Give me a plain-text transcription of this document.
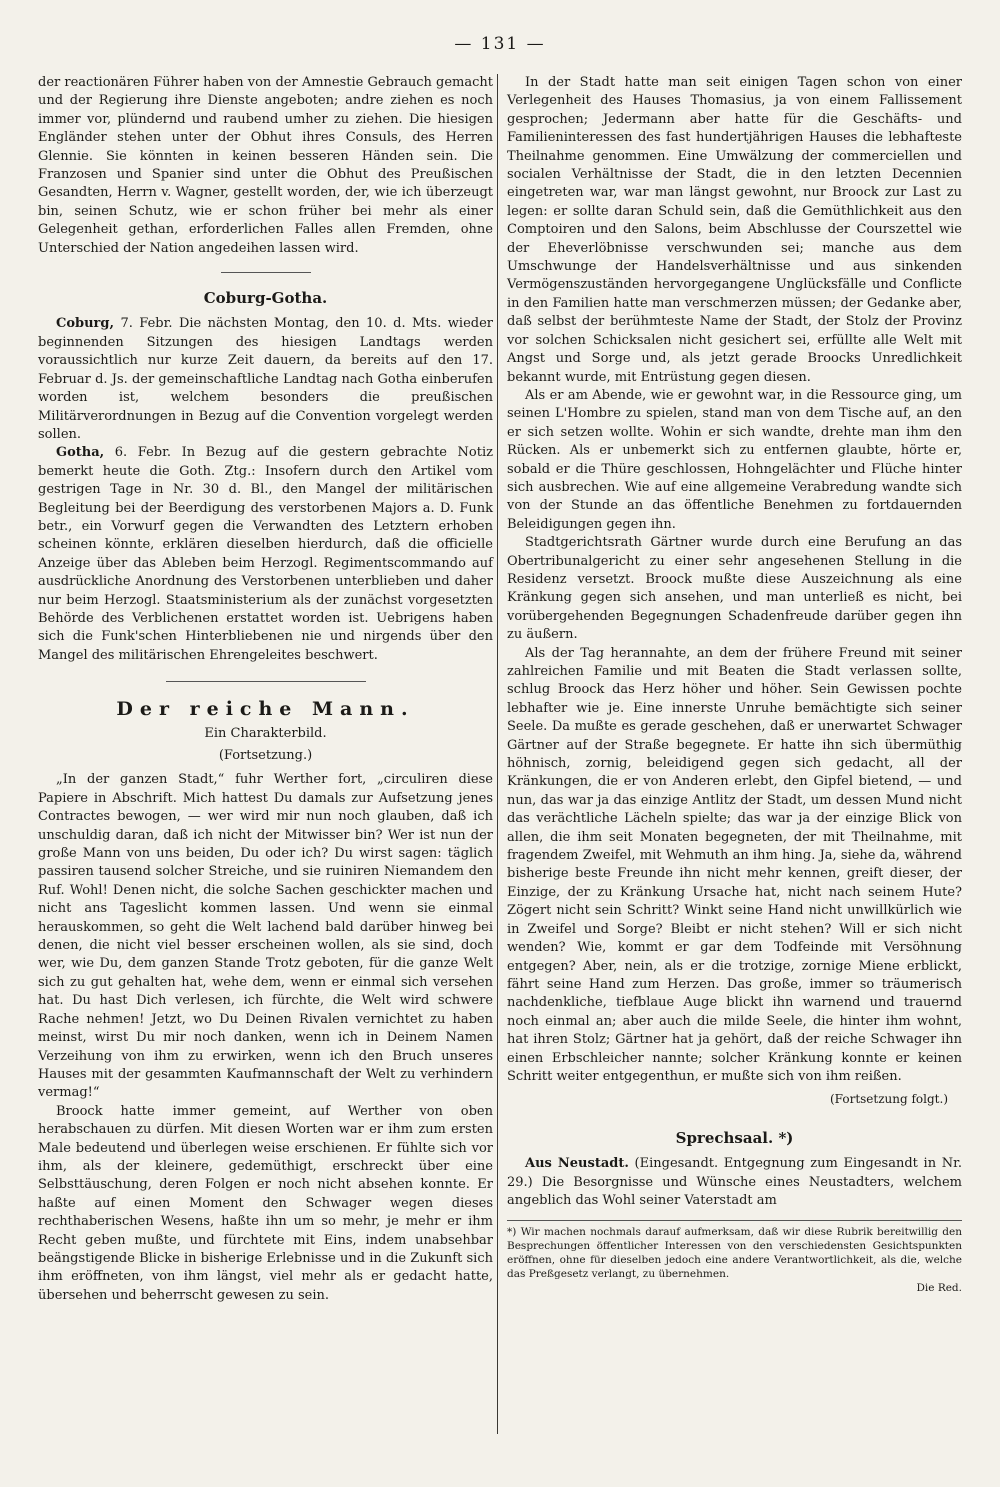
— 131 —

der reactionären Führer haben von der Amnestie Gebrauch gemacht und der Regierung ihre Dienste angeboten; andre ziehen es noch immer vor, plündernd und raubend umher zu ziehen. Die hiesigen Engländer stehen unter der Obhut ihres Consuls, des Herren Glennie. Sie könnten in keinen besseren Händen sein. Die Franzosen und Spanier sind unter die Obhut des Preußischen Gesandten, Herrn v. Wagner, gestellt worden, der, wie ich überzeugt bin, seinen Schutz, wie er schon früher bei mehr als einer Gelegenheit gethan, erforderlichen Falles allen Fremden, ohne Unterschied der Nation angedeihen lassen wird.

Coburg-Gotha.

Coburg, 7. Febr. Die nächsten Montag, den 10. d. Mts. wieder beginnenden Sitzungen des hiesigen Landtags werden voraussichtlich nur kurze Zeit dauern, da bereits auf den 17. Februar d. Js. der gemeinschaftliche Landtag nach Gotha einberufen worden ist, welchem besonders die preußischen Militärverordnungen in Bezug auf die Convention vorgelegt werden sollen.

Gotha, 6. Febr. In Bezug auf die gestern gebrachte Notiz bemerkt heute die Goth. Ztg.: Insofern durch den Artikel vom gestrigen Tage in Nr. 30 d. Bl., den Mangel der militärischen Begleitung bei der Beerdigung des verstorbenen Majors a. D. Funk betr., ein Vorwurf gegen die Verwandten des Letztern erhoben scheinen könnte, erklären dieselben hierdurch, daß die officielle Anzeige über das Ableben beim Herzogl. Regimentscommando auf ausdrückliche Anordnung des Verstorbenen unterblieben und daher nur beim Herzogl. Staatsministerium als der zunächst vorgesetzten Behörde des Verblichenen erstattet worden ist. Uebrigens haben sich die Funk'schen Hinterbliebenen nie und nirgends über den Mangel des militärischen Ehrengeleites beschwert.

Der reiche Mann.
Ein Charakterbild.
(Fortsetzung.)

„In der ganzen Stadt,“ fuhr Werther fort, „circuliren diese Papiere in Abschrift. Mich hattest Du damals zur Aufsetzung jenes Contractes bewogen, — wer wird mir nun noch glauben, daß ich unschuldig daran, daß ich nicht der Mitwisser bin? Wer ist nun der große Mann von uns beiden, Du oder ich? Du wirst sagen: täglich passiren tausend solcher Streiche, und sie ruiniren Niemandem den Ruf. Wohl! Denen nicht, die solche Sachen geschickter machen und nicht ans Tageslicht kommen lassen. Und wenn sie einmal herauskommen, so geht die Welt lachend bald darüber hinweg bei denen, die nicht viel besser erscheinen wollen, als sie sind, doch wer, wie Du, dem ganzen Stande Trotz geboten, für die ganze Welt sich zu gut gehalten hat, wehe dem, wenn er einmal sich versehen hat. Du hast Dich verlesen, ich fürchte, die Welt wird schwere Rache nehmen! Jetzt, wo Du Deinen Rivalen vernichtet zu haben meinst, wirst Du mir noch danken, wenn ich in Deinem Namen Verzeihung von ihm zu erwirken, wenn ich den Bruch unseres Hauses mit der gesammten Kaufmannschaft der Welt zu verhindern vermag!“

Broock hatte immer gemeint, auf Werther von oben herabschauen zu dürfen. Mit diesen Worten war er ihm zum ersten Male bedeutend und überlegen weise erschienen. Er fühlte sich vor ihm, als der kleinere, gedemüthigt, erschreckt über eine Selbsttäuschung, deren Folgen er noch nicht absehen konnte. Er haßte auf einen Moment den Schwager wegen dieses rechthaberischen Wesens, haßte ihn um so mehr, je mehr er ihm Recht geben mußte, und fürchtete mit Eins, indem unabsehbar beängstigende Blicke in bisherige Erlebnisse und in die Zukunft sich ihm eröffneten, von ihm längst, viel mehr als er gedacht hatte, übersehen und beherrscht gewesen zu sein.

In der Stadt hatte man seit einigen Tagen schon von einer Verlegenheit des Hauses Thomasius, ja von einem Fallissement gesprochen; Jedermann aber hatte für die Geschäfts- und Familieninteressen des fast hundertjährigen Hauses die lebhafteste Theilnahme genommen. Eine Umwälzung der commerciellen und socialen Verhältnisse der Stadt, die in den letzten Decennien eingetreten war, war man längst gewohnt, nur Broock zur Last zu legen: er sollte daran Schuld sein, daß die Gemüthlichkeit aus den Comptoiren und den Salons, beim Abschlusse der Courszettel wie der Eheverlöbnisse verschwunden sei; manche aus dem Umschwunge der Handelsverhältnisse und aus sinkenden Vermögenszuständen hervorgegangene Unglücksfälle und Conflicte in den Familien hatte man verschmerzen müssen; der Gedanke aber, daß selbst der berühmteste Name der Stadt, der Stolz der Provinz vor solchen Schicksalen nicht gesichert sei, erfüllte alle Welt mit Angst und Sorge und, als jetzt gerade Broocks Unredlichkeit bekannt wurde, mit Entrüstung gegen diesen.

Als er am Abende, wie er gewohnt war, in die Ressource ging, um seinen L'Hombre zu spielen, stand man von dem Tische auf, an den er sich setzen wollte. Wohin er sich wandte, drehte man ihm den Rücken. Als er unbemerkt sich zu entfernen glaubte, hörte er, sobald er die Thüre geschlossen, Hohngelächter und Flüche hinter sich ausbrechen. Wie auf eine allgemeine Verabredung wandte sich von der Stunde an das öffentliche Benehmen zu fortdauernden Beleidigungen gegen ihn.

Stadtgerichtsrath Gärtner wurde durch eine Berufung an das Obertribunalgericht zu einer sehr angesehenen Stellung in die Residenz versetzt. Broock mußte diese Auszeichnung als eine Kränkung gegen sich ansehen, und man unterließ es nicht, bei vorübergehenden Begegnungen Schadenfreude darüber gegen ihn zu äußern.

Als der Tag herannahte, an dem der frühere Freund mit seiner zahlreichen Familie und mit Beaten die Stadt verlassen sollte, schlug Broock das Herz höher und höher. Sein Gewissen pochte lebhafter wie je. Eine innerste Unruhe bemächtigte sich seiner Seele. Da mußte es gerade geschehen, daß er unerwartet Schwager Gärtner auf der Straße begegnete. Er hatte ihn sich übermüthig höhnisch, zornig, beleidigend gegen sich gedacht, all der Kränkungen, die er von Anderen erlebt, den Gipfel bietend, — und nun, das war ja das einzige Antlitz der Stadt, um dessen Mund nicht das verächtliche Lächeln spielte; das war ja der einzige Blick von allen, die ihm seit Monaten begegneten, der mit Theilnahme, mit fragendem Zweifel, mit Wehmuth an ihm hing. Ja, siehe da, während bisherige beste Freunde ihn nicht mehr kennen, greift dieser, der Einzige, der zu Kränkung Ursache hat, nicht nach seinem Hute? Zögert nicht sein Schritt? Winkt seine Hand nicht unwillkürlich wie in Zweifel und Sorge? Bleibt er nicht stehen? Will er sich nicht wenden? Wie, kommt er gar dem Todfeinde mit Versöhnung entgegen? Aber, nein, als er die trotzige, zornige Miene erblickt, fährt seine Hand zum Herzen. Das große, immer so träumerisch nachdenkliche, tiefblaue Auge blickt ihn warnend und trauernd noch einmal an; aber auch die milde Seele, die hinter ihm wohnt, hat ihren Stolz; Gärtner hat ja gehört, daß der reiche Schwager ihn einen Erbschleicher nannte; solcher Kränkung konnte er keinen Schritt weiter entgegenthun, er mußte sich von ihm reißen.

(Fortsetzung folgt.)
Sprechsaal. *)

Aus Neustadt. (Eingesandt. Entgegnung zum Eingesandt in Nr. 29.) Die Besorgnisse und Wünsche eines Neustadters, welchem angeblich das Wohl seiner Vaterstadt am

*) Wir machen nochmals darauf aufmerksam, daß wir diese Rubrik bereitwillig den Besprechungen öffentlicher Interessen von den verschiedensten Gesichtspunkten eröffnen, ohne für dieselben jedoch eine andere Verantwortlichkeit, als die, welche das Preßgesetz verlangt, zu übernehmen.
Die Red.
